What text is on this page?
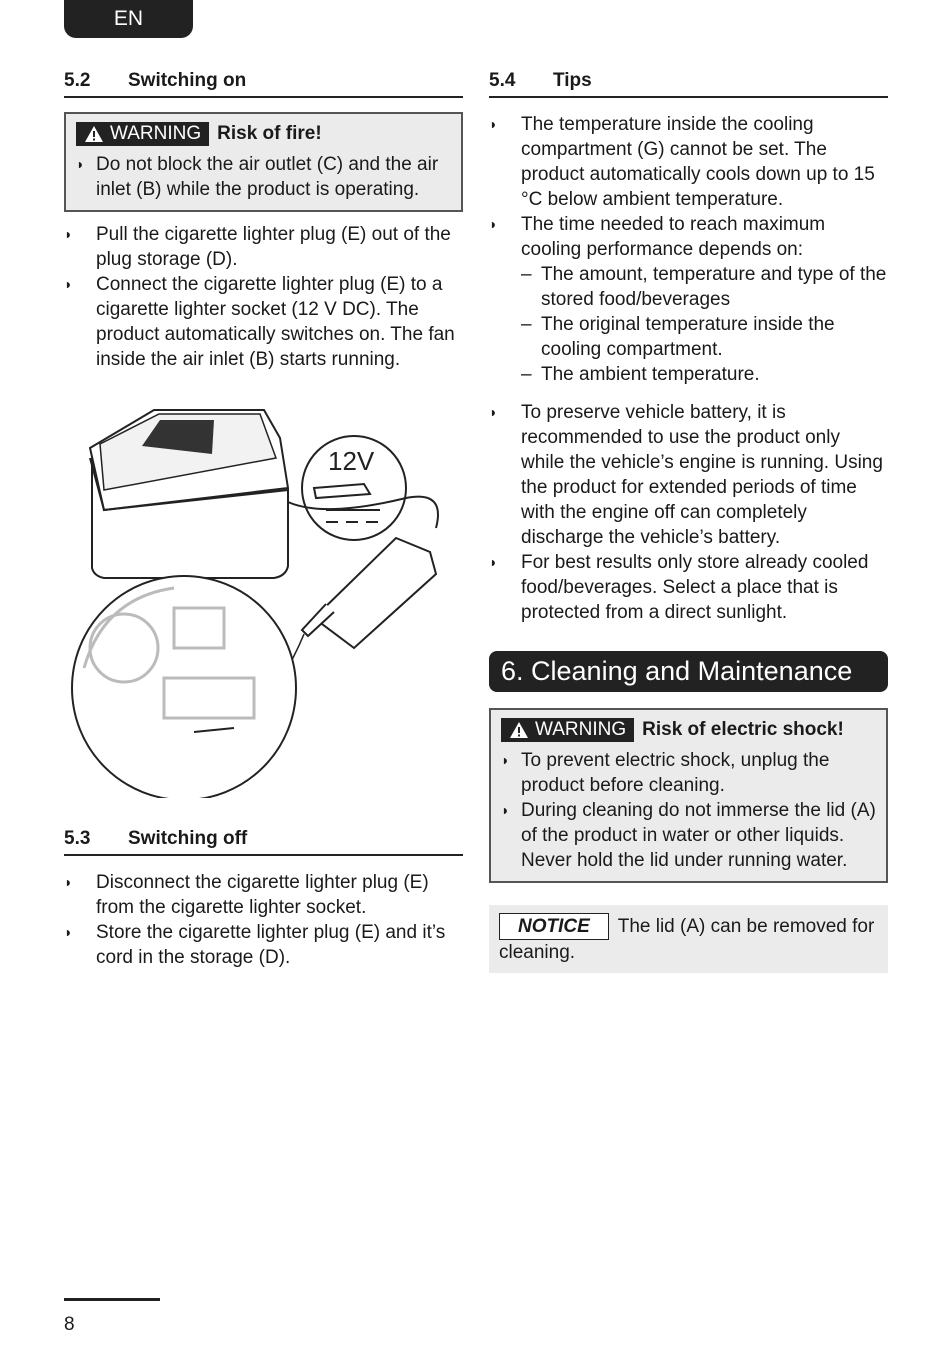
EN
5.2	Switching on
WARNING Risk of fire!
◗ Do not block the air outlet (C) and the air inlet (B) while the product is operating.
◗ Pull the cigarette lighter plug (E) out of the plug storage (D).
◗ Connect the cigarette lighter plug (E) to a cigarette lighter socket (12 V DC). The product automatically switches on. The fan inside the air inlet (B) starts running.
12V
5.3	Switching off
◗ Disconnect the cigarette lighter plug (E) from the cigarette lighter socket.
◗ Store the cigarette lighter plug (E) and it’s cord in the storage (D).
5.4	Tips
◗ The temperature inside the cooling compartment (G) cannot be set. The product automatically cools down up to 15 °C below ambient temperature.
◗ The time needed to reach maximum cooling performance depends on:
– The amount, temperature and type of the stored food/beverages
– The original temperature inside the cooling compartment.
– The ambient temperature.
◗ To preserve vehicle battery, it is recommended to use the product only while the vehicle’s engine is running. Using the product for extended periods of time with the engine off can completely discharge the vehicle’s battery.
◗ For best results only store already cooled food/beverages. Select a place that is protected from a direct sunlight.
6. Cleaning and Maintenance
WARNING Risk of electric shock!
◗ To prevent electric shock, unplug the product before cleaning.
◗ During cleaning do not immerse the lid (A) of the product in water or other liquids. Never hold the lid under running water.
NOTICE The lid (A) can be removed for cleaning.
8
